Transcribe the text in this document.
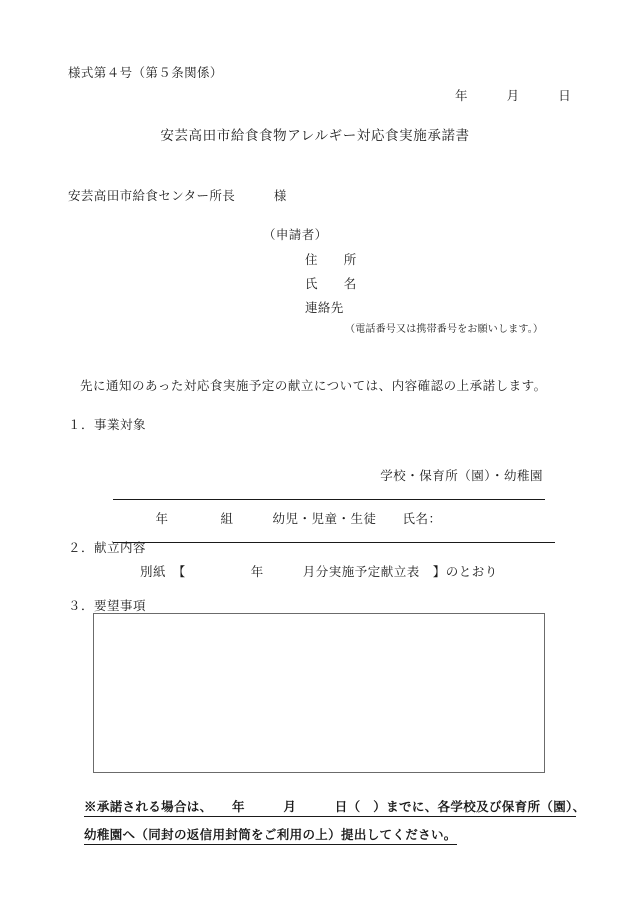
様式第４号（第５条関係）
年　　　月　　　日
安芸高田市給食食物アレルギー対応食実施承諾書
安芸高田市給食センター所長　　　様
（申請者）
住　　所
氏　　名
連絡先
（電話番号又は携帯番号をお願いします。）
先に通知のあった対応食実施予定の献立については、内容確認の上承諾します。
１．事業対象

学校・保育所（園）・幼稚園

年　　　　組　　　幼児・児童・生徒　　氏名：

２．献立内容
別紙　【　　　　　年　　　月分実施予定献立表　】のとおり
３．要望事項

※承諾される場合は、　　年　　　月　　　日（　）までに、各学校及び保育所（園）、
幼稚園へ（同封の返信用封筒をご利用の上）提出してください。
